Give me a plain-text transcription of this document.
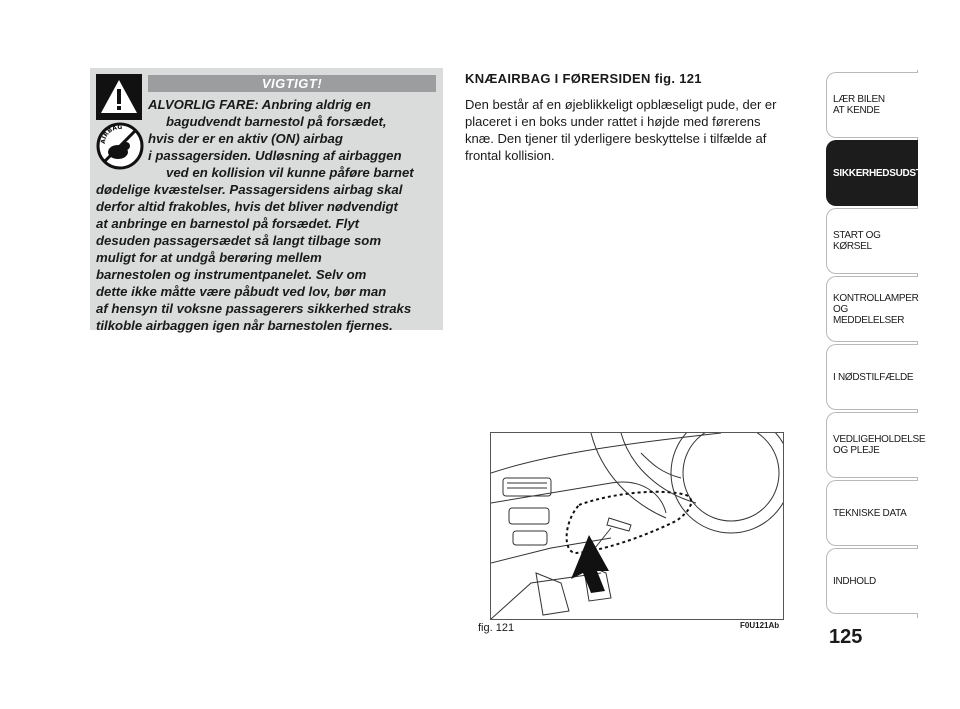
VIGTIGT!
AIRBAG

ALVORLIG FARE: Anbring aldrig en
bagudvendt barnestol på forsædet,
hvis der er en aktiv (ON) airbag
i passagersiden. Udløsning af airbaggen
ved en kollision vil kunne påføre barnet
dødelige kvæstelser. Passagersidens airbag skal
derfor altid frakobles, hvis det bliver nødvendigt
at anbringe en barnestol på forsædet. Flyt
desuden passagersædet så langt tilbage som
muligt for at undgå berøring mellem
barnestolen og instrumentpanelet. Selv om
dette ikke måtte være påbudt ved lov, bør man
af hensyn til voksne passagerers sikkerhed straks
tilkoble airbaggen igen når barnestolen fjernes.

KNÆAIRBAG I FØRERSIDEN fig. 121

Den består af en øjeblikkeligt opblæseligt pude, der er
placeret i en boks under rattet i højde med førerens
knæ. Den tjener til yderligere beskyttelse i tilfælde af
frontal kollision.

fig. 121	F0U121Ab
125
LÆR BILEN
AT KENDE
SIKKERHEDSUDSTYR
START OG KØRSEL
KONTROLLAMPER
OG MEDDELELSER
I NØDSTILFÆLDE
VEDLIGEHOLDELSE
OG PLEJE
TEKNISKE DATA
INDHOLD
